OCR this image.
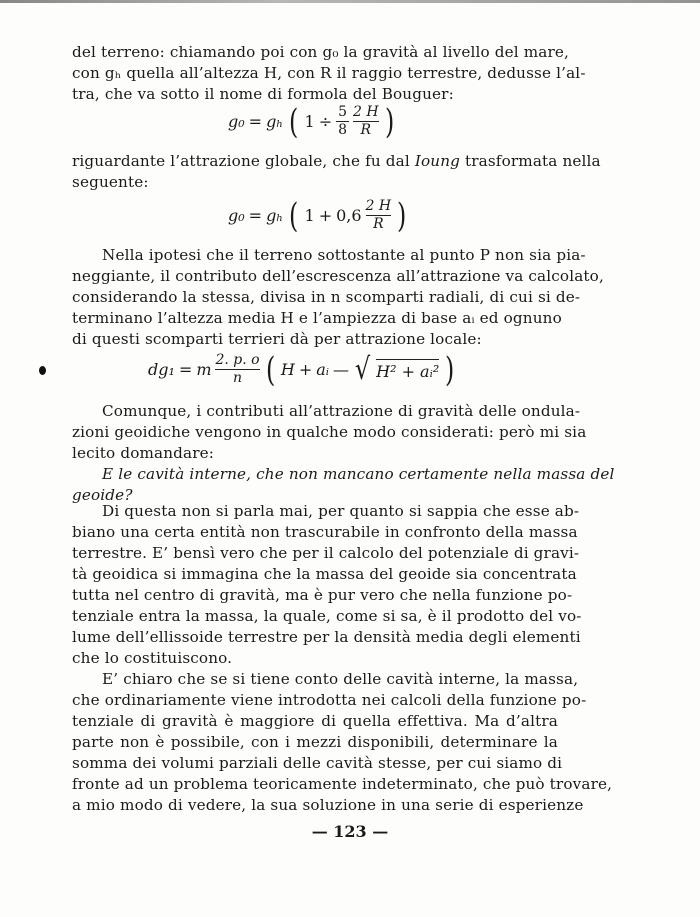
del terreno: chiamando poi con g₀ la gravità al livello del mare,
con gₕ quella all’altezza H, con R il raggio terrestre, dedusse l’al-
tra, che va sotto il nome di formola del Bouguer:
g₀ = gₕ ( $1 \div \frac{5}{8} \frac{2 H}{R}$ )
riguardante l’attrazione globale, che fu dal Ioung trasformata nella
seguente:
g₀ = gₕ ( $1 + 0,6 \frac{2 H}{R}$ )
Nella ipotesi che il terreno sottostante al punto P non sia pia-
neggiante, il contributo dell’escrescenza all’attrazione va calcolato,
considerando la stessa, divisa in n scomparti radiali, di cui si de-
terminano l’altezza media H e l’ampiezza di base aᵢ ed ognuno
di questi scomparti terrieri dà per attrazione locale:
dg₁ = m $\frac{2. p. o}{n}$ ( H + aᵢ — √ H² + aᵢ² )
Comunque, i contributi all’attrazione di gravità delle ondula-
zioni geoidiche vengono in qualche modo considerati: però mi sia
lecito domandare:
E le cavità interne, che non mancano certamente nella massa del
geoide?
Di questa non si parla mai, per quanto si sappia che esse ab-
biano una certa entità non trascurabile in confronto della massa
terrestre. E’ bensì vero che per il calcolo del potenziale di gravi-
tà geoidica si immagina che la massa del geoide sia concentrata
tutta nel centro di gravità, ma è pur vero che nella funzione po-
tenziale entra la massa, la quale, come si sa, è il prodotto del vo-
lume dell’ellissoide terrestre per la densità media degli elementi
che lo costituiscono.
E’ chiaro che se si tiene conto delle cavità interne, la massa,
che ordinariamente viene introdotta nei calcoli della funzione po-
tenziale di gravità è maggiore di quella effettiva. Ma d’altra
parte non è possibile, con i mezzi disponibili, determinare la
somma dei volumi parziali delle cavità stesse, per cui siamo di
fronte ad un problema teoricamente indeterminato, che può trovare,
a mio modo di vedere, la sua soluzione in una serie di esperienze
— 123 —
